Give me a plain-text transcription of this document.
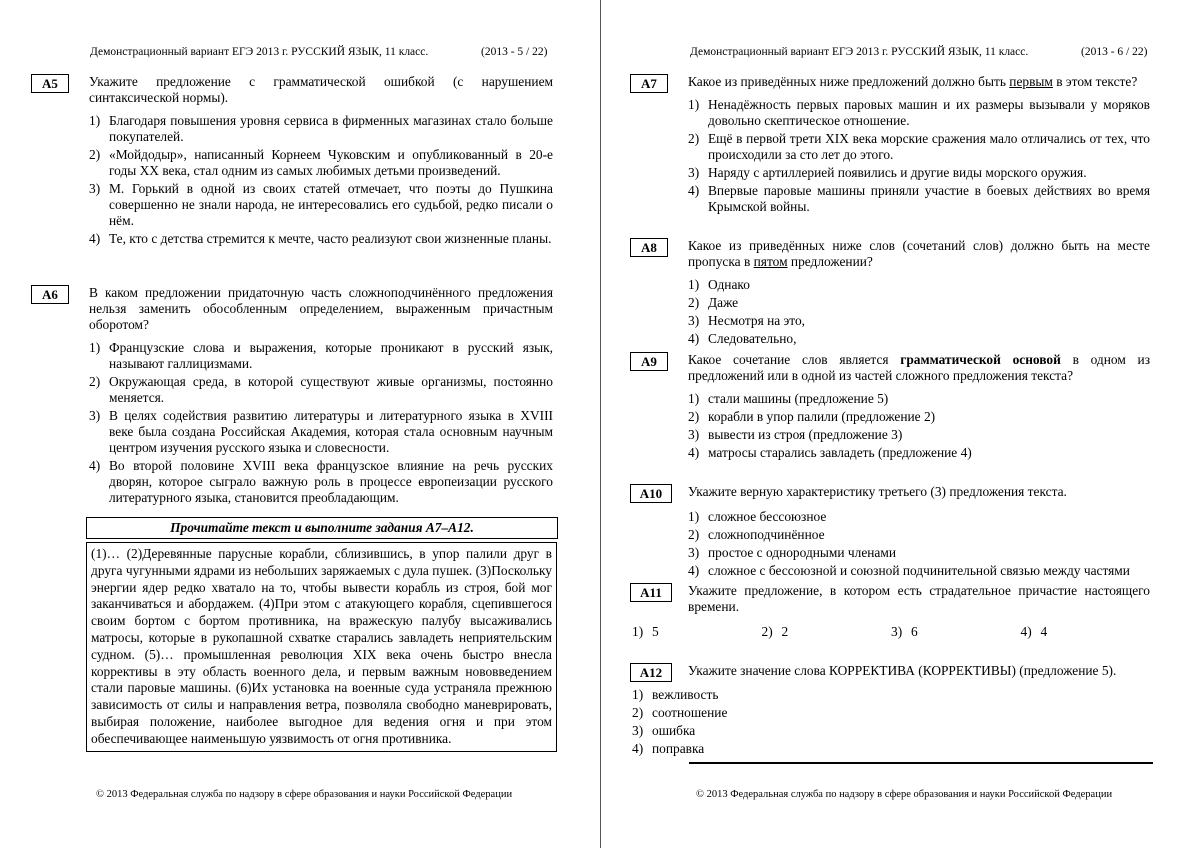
Демонстрационный вариант ЕГЭ 2013 г. РУССКИЙ ЯЗЫК, 11 класс.	(2013 - 5 / 22)
А5	Укажите предложение с грамматической ошибкой (с нарушением синтаксической нормы).

1) Благодаря повышения уровня сервиса в фирменных магазинах стало больше покупателей.
2) «Мойдодыр», написанный Корнеем Чуковским и опубликованный в 20-е годы XX века, стал одним из самых любимых детьми произведений.
3) М. Горький в одной из своих статей отмечает, что поэты до Пушкина совершенно не знали народа, не интересовались его судьбой, редко писали о нём.
4) Те, кто с детства стремится к мечте, часто реализуют свои жизненные планы.
А6	В каком предложении придаточную часть сложноподчинённого предложения нельзя заменить обособленным определением, выраженным причастным оборотом?

1) Французские слова и выражения, которые проникают в русский язык, называют галлицизмами.
2) Окружающая среда, в которой существуют живые организмы, постоянно меняется.
3) В целях содействия развитию литературы и литературного языка в XVIII веке была создана Российская Академия, которая стала основным научным центром изучения русского языка и словесности.
4) Во второй половине XVIII века французское влияние на речь русских дворян, которое сыграло важную роль в процессе европеизации русского литературного языка, становится преобладающим.
Прочитайте текст и выполните задания А7–А12.
(1)… (2)Деревянные парусные корабли, сблизившись, в упор палили друг в друга чугунными ядрами из небольших заряжаемых с дула пушек. (3)Поскольку энергии ядер редко хватало на то, чтобы вывести корабль из строя, бой мог заканчиваться и абордажем. (4)При этом с атакующего корабля, сцепившегося своим бортом с бортом противника, на вражескую палубу высаживались матросы, которые в рукопашной схватке старались завладеть неприятельским судном. (5)… промышленная революция XIX века очень быстро внесла коррективы в эту область военного дела, и первым важным нововведением стали паровые машины. (6)Их установка на военные суда устраняла прежнюю зависимость от силы и направления ветра, позволяла свободно маневрировать, выбирая положение, наиболее выгодное для ведения огня и при этом обеспечивающее наименьшую уязвимость от огня противника.
© 2013 Федеральная служба по надзору в сфере образования и науки Российской Федерации
Демонстрационный вариант ЕГЭ 2013 г. РУССКИЙ ЯЗЫК, 11 класс.	(2013 - 6 / 22)
А7	Какое из приведённых ниже предложений должно быть первым в этом тексте?

1) Ненадёжность первых паровых машин и их размеры вызывали у моряков довольно скептическое отношение.
2) Ещё в первой трети XIX века морские сражения мало отличались от тех, что происходили за сто лет до этого.
3) Наряду с артиллерией появились и другие виды морского оружия.
4) Впервые паровые машины приняли участие в боевых действиях во время Крымской войны.
А8	Какое из приведённых ниже слов (сочетаний слов) должно быть на месте пропуска в пятом предложении?

1) Однако
2) Даже
3) Несмотря на это,
4) Следовательно,
А9	Какое сочетание слов является грамматической основой в одном из предложений или в одной из частей сложного предложения текста?

1) стали машины (предложение 5)
2) корабли в упор палили (предложение 2)
3) вывести из строя (предложение 3)
4) матросы старались завладеть (предложение 4)
А10	Укажите верную характеристику третьего (3) предложения текста.

1) сложное бессоюзное
2) сложноподчинённое
3) простое с однородными членами
4) сложное с бессоюзной и союзной подчинительной связью между частями
А11	Укажите предложение, в котором есть страдательное причастие настоящего времени.

1) 5	2) 2	3) 6	4) 4
А12	Укажите значение слова КОРРЕКТИВА (КОРРЕКТИВЫ) (предложение 5).

1) вежливость
2) соотношение
3) ошибка
4) поправка
© 2013 Федеральная служба по надзору в сфере образования и науки Российской Федерации
